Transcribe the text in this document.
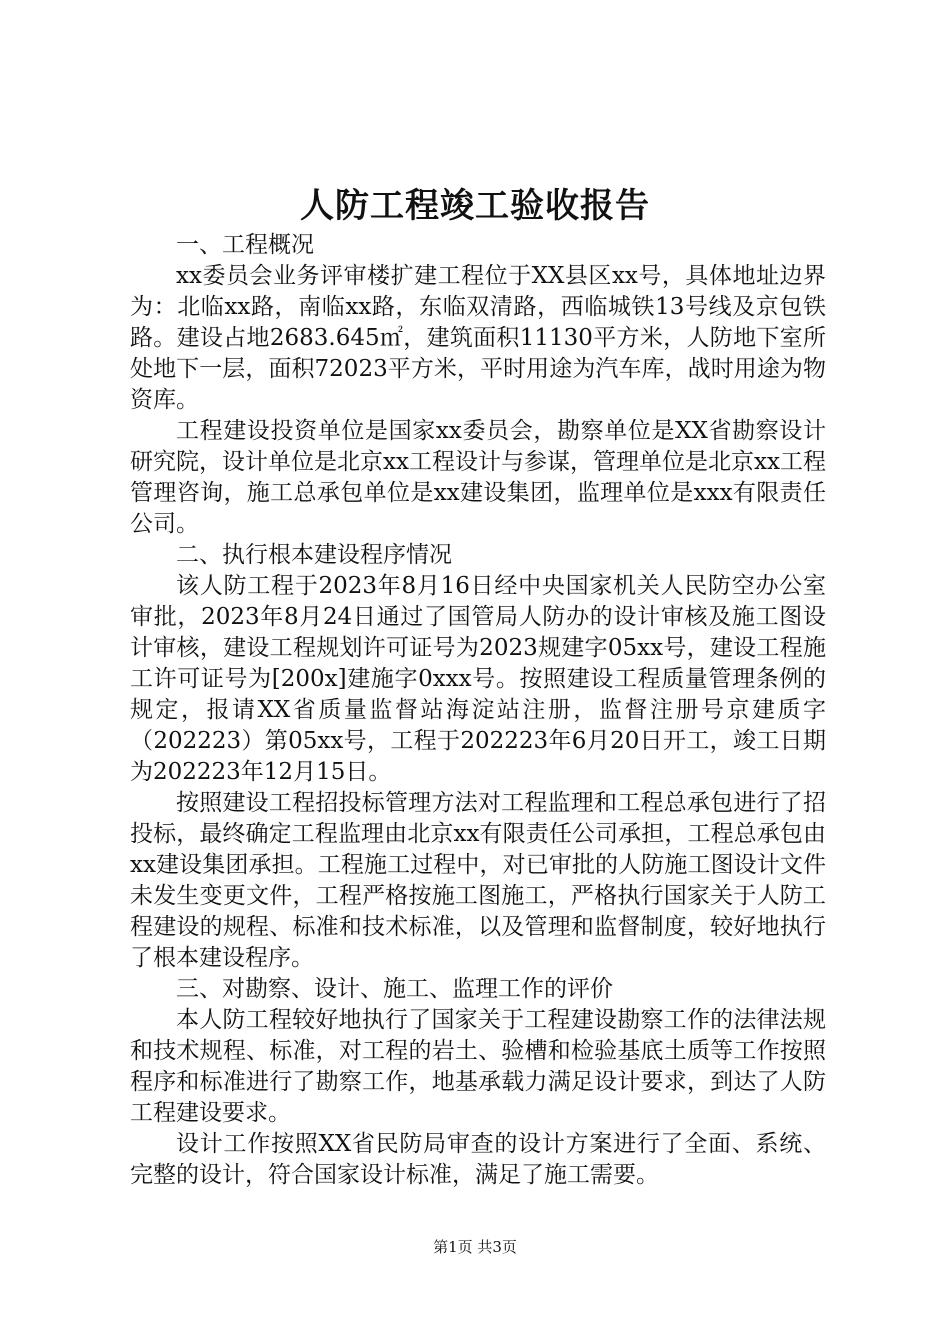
人防工程竣工验收报告

一、工程概况

xx委员会业务评审楼扩建工程位于XX县区xx号，具体地址边界为：北临xx路，南临xx路，东临双清路，西临城铁13号线及京包铁路。建设占地2683.645㎡，建筑面积11130平方米，人防地下室所处地下一层，面积72023平方米，平时用途为汽车库，战时用途为物资库。

工程建设投资单位是国家xx委员会，勘察单位是XX省勘察设计研究院，设计单位是北京xx工程设计与参谋，管理单位是北京xx工程管理咨询，施工总承包单位是xx建设集团，监理单位是xxx有限责任公司。

二、执行根本建设程序情况

该人防工程于2023年8月16日经中央国家机关人民防空办公室审批，2023年8月24日通过了国管局人防办的设计审核及施工图设计审核，建设工程规划许可证号为2023规建字05xx号，建设工程施工许可证号为[200x]建施字0xxx号。按照建设工程质量管理条例的规定，报请XX省质量监督站海淀站注册，监督注册号京建质字（202223）第05xx号，工程于202223年6月20日开工，竣工日期为202223年12月15日。

按照建设工程招投标管理方法对工程监理和工程总承包进行了招投标，最终确定工程监理由北京xx有限责任公司承担，工程总承包由xx建设集团承担。工程施工过程中，对已审批的人防施工图设计文件未发生变更文件，工程严格按施工图施工，严格执行国家关于人防工程建设的规程、标准和技术标准，以及管理和监督制度，较好地执行了根本建设程序。

三、对勘察、设计、施工、监理工作的评价

本人防工程较好地执行了国家关于工程建设勘察工作的法律法规和技术规程、标准，对工程的岩土、验槽和检验基底土质等工作按照程序和标准进行了勘察工作，地基承载力满足设计要求，到达了人防工程建设要求。

设计工作按照XX省民防局审查的设计方案进行了全面、系统、完整的设计，符合国家设计标准，满足了施工需要。

第1页 共3页
